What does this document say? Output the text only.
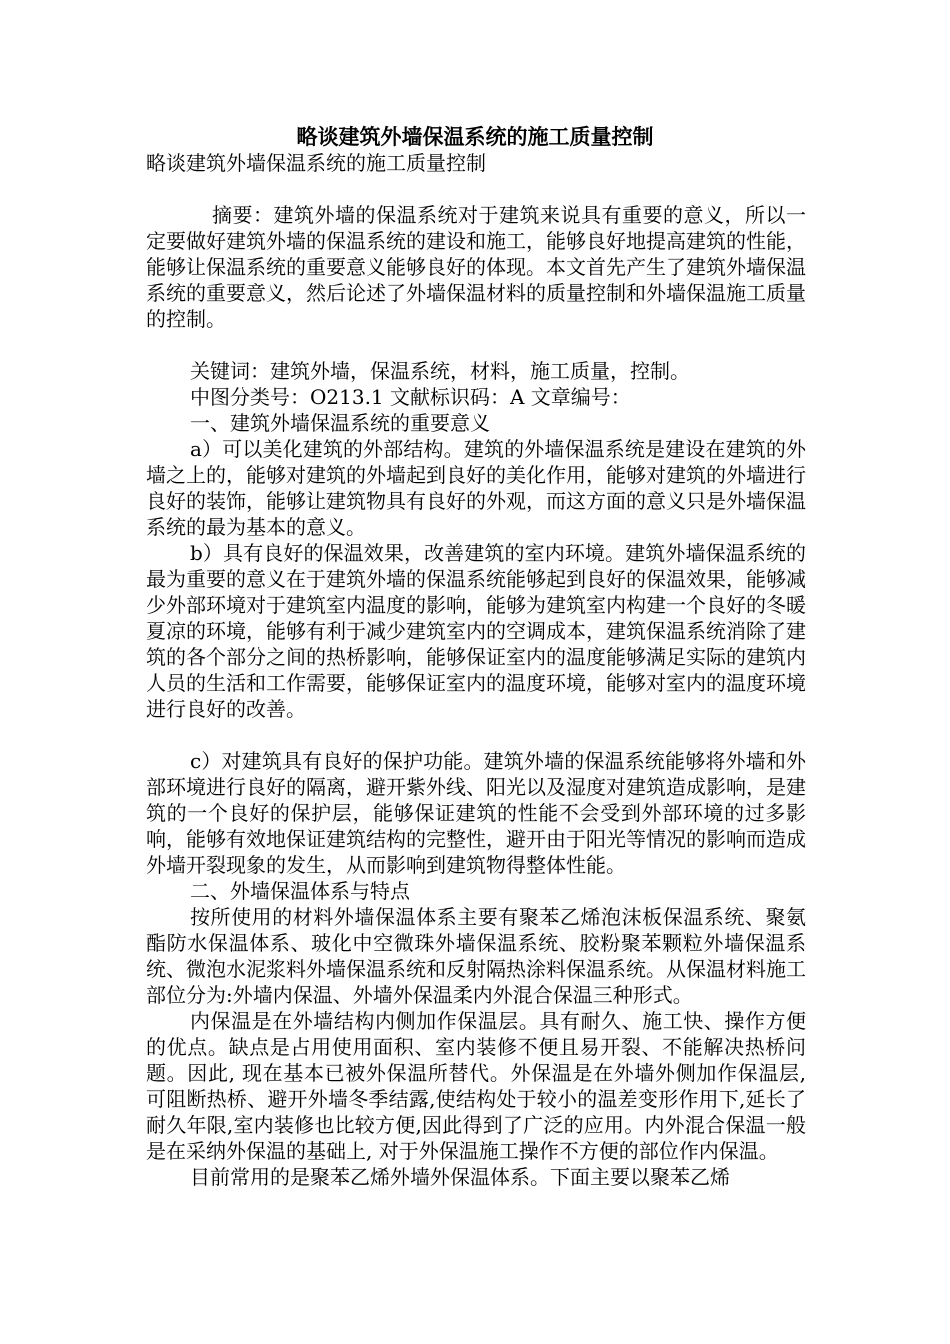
略谈建筑外墙保温系统的施工质量控制

略谈建筑外墙保温系统的施工质量控制

摘要：建筑外墙的保温系统对于建筑来说具有重要的意义，所以一定要做好建筑外墙的保温系统的建设和施工，能够良好地提高建筑的性能，能够让保温系统的重要意义能够良好的体现。本文首先产生了建筑外墙保温系统的重要意义，然后论述了外墙保温材料的质量控制和外墙保温施工质量的控制。

关键词：建筑外墙，保温系统，材料，施工质量，控制。

中图分类号：O213.1 文献标识码：A 文章编号：

一、建筑外墙保温系统的重要意义

a）可以美化建筑的外部结构。建筑的外墙保温系统是建设在建筑的外墙之上的，能够对建筑的外墙起到良好的美化作用，能够对建筑的外墙进行良好的装饰，能够让建筑物具有良好的外观，而这方面的意义只是外墙保温系统的最为基本的意义。

b）具有良好的保温效果，改善建筑的室内环境。建筑外墙保温系统的最为重要的意义在于建筑外墙的保温系统能够起到良好的保温效果，能够减少外部环境对于建筑室内温度的影响，能够为建筑室内构建一个良好的冬暖夏凉的环境，能够有利于减少建筑室内的空调成本，建筑保温系统消除了建筑的各个部分之间的热桥影响，能够保证室内的温度能够满足实际的建筑内人员的生活和工作需要，能够保证室内的温度环境，能够对室内的温度环境进行良好的改善。

c）对建筑具有良好的保护功能。建筑外墙的保温系统能够将外墙和外部环境进行良好的隔离，避开紫外线、阳光以及湿度对建筑造成影响，是建筑的一个良好的保护层，能够保证建筑的性能不会受到外部环境的过多影响，能够有效地保证建筑结构的完整性，避开由于阳光等情况的影响而造成外墙开裂现象的发生，从而影响到建筑物得整体性能。

二、外墙保温体系与特点

按所使用的材料外墙保温体系主要有聚苯乙烯泡沫板保温系统、聚氨酯防水保温体系、玻化中空微珠外墙保温系统、胶粉聚苯颗粒外墙保温系统、微泡水泥浆料外墙保温系统和反射隔热涂料保温系统。从保温材料施工部位分为:外墙内保温、外墙外保温柔内外混合保温三种形式。

内保温是在外墙结构内侧加作保温层。具有耐久、施工快、操作方便的优点。缺点是占用使用面积、室内装修不便且易开裂、不能解决热桥问题。因此, 现在基本已被外保温所替代。外保温是在外墙外侧加作保温层, 可阻断热桥、避开外墙冬季结露,使结构处于较小的温差变形作用下,延长了耐久年限,室内装修也比较方便,因此得到了广泛的应用。内外混合保温一般是在采纳外保温的基础上, 对于外保温施工操作不方便的部位作内保温。

目前常用的是聚苯乙烯外墙外保温体系。下面主要以聚苯乙烯
